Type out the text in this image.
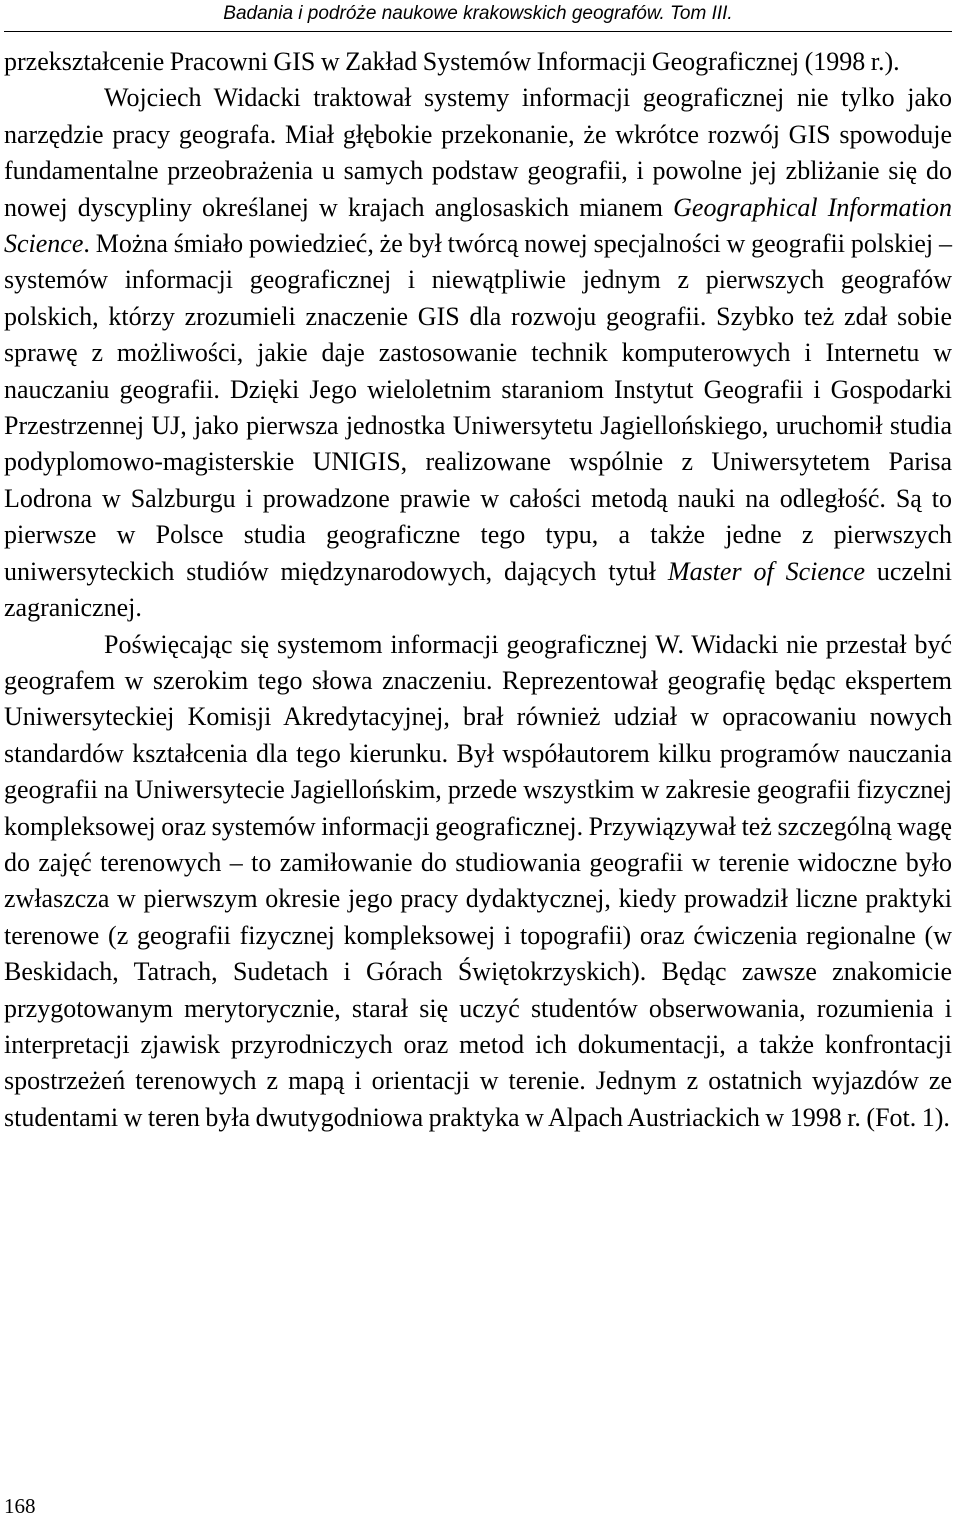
Badania i podróże naukowe krakowskich geografów. Tom III.

przekształcenie Pracowni GIS w Zakład Systemów Informacji Geograficznej (1998 r.).

Wojciech Widacki traktował systemy informacji geograficznej nie tylko jako narzędzie pracy geografa. Miał głębokie przekonanie, że wkrótce rozwój GIS spowoduje fundamentalne przeobrażenia u samych podstaw geografii, i powolne jej zbliżanie się do nowej dyscypliny określanej w krajach anglosaskich mianem Geographical Information Science. Można śmiało powiedzieć, że był twórcą nowej specjalności w geografii polskiej – systemów informacji geograficznej i niewątpliwie jednym z pierwszych geografów polskich, którzy zrozumieli znaczenie GIS dla rozwoju geografii. Szybko też zdał sobie sprawę z możliwości, jakie daje zastosowanie technik komputerowych i Internetu w nauczaniu geografii. Dzięki Jego wieloletnim staraniom Instytut Geografii i Gospodarki Przestrzennej UJ, jako pierwsza jednostka Uniwersytetu Jagiellońskiego, uruchomił studia podyplomowo-magisterskie UNIGIS, realizowane wspólnie z Uniwersytetem Parisa Lodrona w Salzburgu i prowadzone prawie w całości metodą nauki na odległość. Są to pierwsze w Polsce studia geograficzne tego typu, a także jedne z pierwszych uniwersyteckich studiów międzynarodowych, dających tytuł Master of Science uczelni zagranicznej.

Poświęcając się systemom informacji geograficznej W. Widacki nie przestał być geografem w szerokim tego słowa znaczeniu. Reprezentował geografię będąc ekspertem Uniwersyteckiej Komisji Akredytacyjnej, brał również udział w opracowaniu nowych standardów kształcenia dla tego kierunku. Był współautorem kilku programów nauczania geografii na Uniwersytecie Jagiellońskim, przede wszystkim w zakresie geografii fizycznej kompleksowej oraz systemów informacji geograficznej. Przywiązywał też szczególną wagę do zajęć terenowych – to zamiłowanie do studiowania geografii w terenie widoczne było zwłaszcza w pierwszym okresie jego pracy dydaktycznej, kiedy prowadził liczne praktyki terenowe (z geografii fizycznej kompleksowej i topografii) oraz ćwiczenia regionalne (w Beskidach, Tatrach, Sudetach i Górach Świętokrzyskich). Będąc zawsze znakomicie przygotowanym merytorycznie, starał się uczyć studentów obserwowania, rozumienia i interpretacji zjawisk przyrodniczych oraz metod ich dokumentacji, a także konfrontacji spostrzeżeń terenowych z mapą i orientacji w terenie. Jednym z ostatnich wyjazdów ze studentami w teren była dwutygodniowa praktyka w Alpach Austriackich w 1998 r. (Fot. 1).

168
